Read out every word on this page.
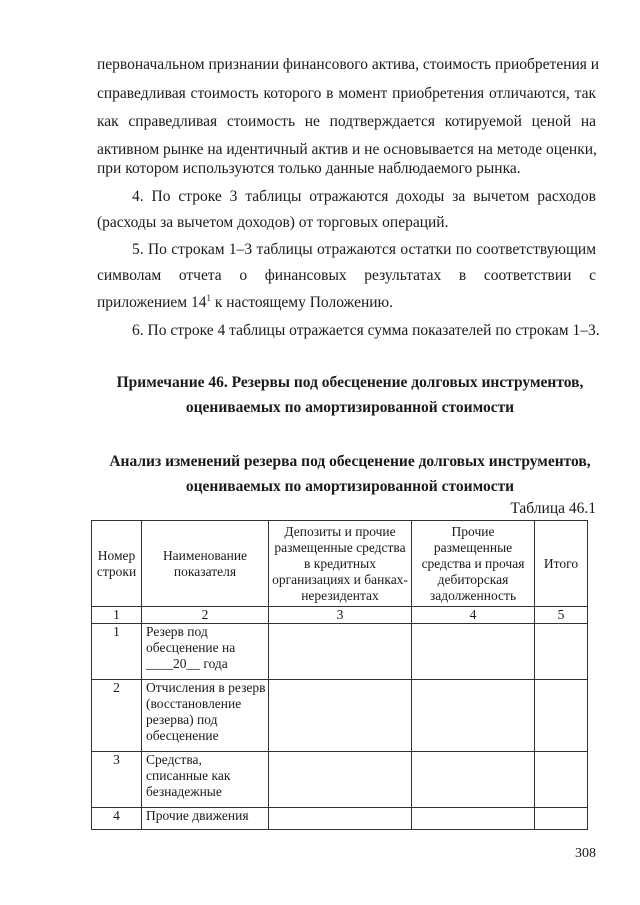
первоначальном признании финансового актива, стоимость приобретения и
справедливая стоимость которого в момент приобретения отличаются, так
как справедливая стоимость не подтверждается котируемой ценой на
активном рынке на идентичный актив и не основывается на методе оценки,
при котором используются только данные наблюдаемого рынка.
4. По строке 3 таблицы отражаются доходы за вычетом расходов
(расходы за вычетом доходов) от торговых операций.
5. По строкам 1–3 таблицы отражаются остатки по соответствующим
символам отчета о финансовых результатах в соответствии с
приложением $14^1$ к настоящему Положению.
6. По строке 4 таблицы отражается сумма показателей по строкам 1–3.
Примечание 46. Резервы под обесценение долговых инструментов,
оцениваемых по амортизированной стоимости
Анализ изменений резерва под обесценение долговых инструментов,
оцениваемых по амортизированной стоимости
Таблица 46.1
Номер строки	Наименование показателя	Депозиты и прочие размещенные средства в кредитных организациях и банках-нерезидентах	Прочие размещенные средства и прочая дебиторская задолженность	Итого
1	2	3	4	5
1	Резерв под обесценение на ____20__ года			
2	Отчисления в резерв (восстановление резерва) под обесценение			
3	Средства, списанные как безнадежные			
4	Прочие движения			
308
